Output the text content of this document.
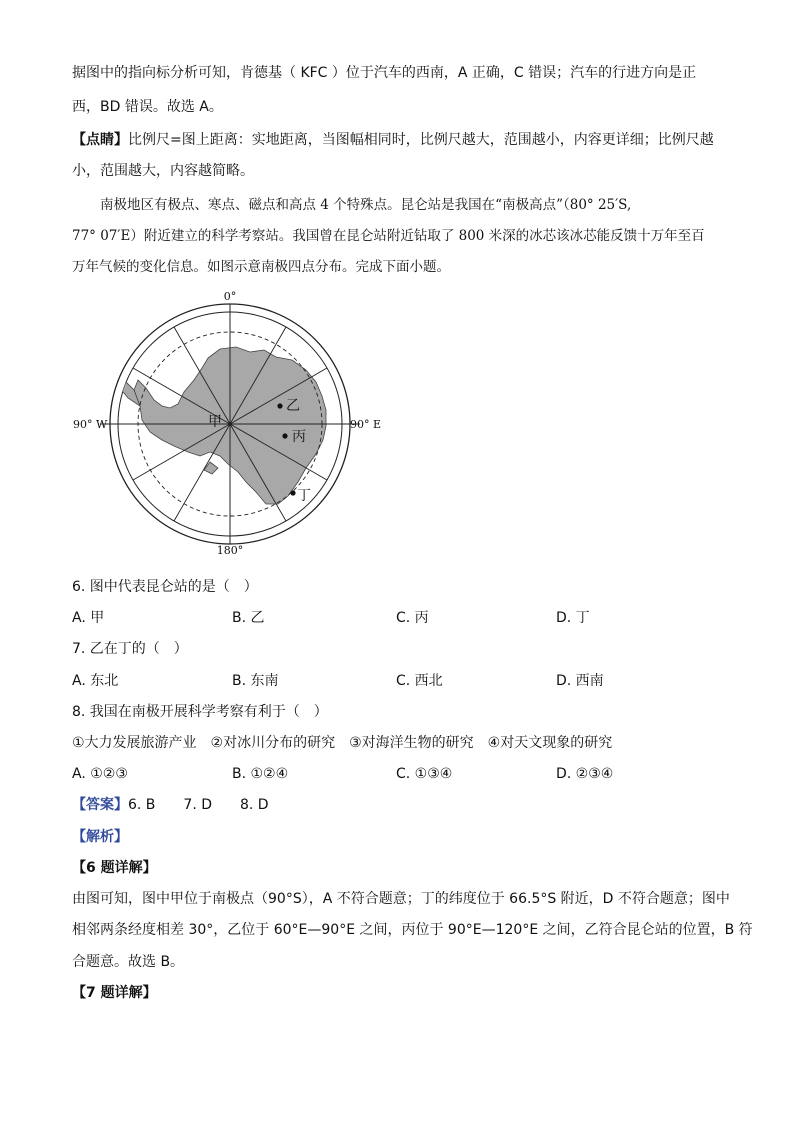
据图中的指向标分析可知，肯德基（ KFC ）位于汽车的西南，A 正确，C 错误；汽车的行进方向是正
西，BD 错误。故选 A。
【点睛】比例尺=图上距离：实地距离，当图幅相同时，比例尺越大，范围越小，内容更详细；比例尺越
小，范围越大，内容越简略。
南极地区有极点、寒点、磁点和高点 4 个特殊点。昆仑站是我国在“南极高点”（80° 25′S,
77° 07′E）附近建立的科学考察站。我国曾在昆仑站附近钻取了 800 米深的冰芯该冰芯能反馈十万年至百
万年气候的变化信息。如图示意南极四点分布。完成下面小题。
0°
180°
90° W	90° E
甲
乙
丙
丁
6. 图中代表昆仑站的是（　）
A. 甲	B. 乙	C. 丙	D. 丁
7. 乙在丁的（　）
A. 东北	B. 东南	C. 西北	D. 西南
8. 我国在南极开展科学考察有利于（　）
①大力发展旅游产业　②对冰川分布的研究　③对海洋生物的研究　④对天文现象的研究
A. ①②③	B. ①②④	C. ①③④	D. ②③④
【答案】6. B　　7. D　　8. D
【解析】
【6 题详解】
由图可知，图中甲位于南极点（90°S），A 不符合题意；丁的纬度位于 66.5°S 附近，D 不符合题意；图中
相邻两条经度相差 30°，乙位于 60°E—90°E 之间，丙位于 90°E—120°E 之间，乙符合昆仑站的位置，B 符
合题意。故选 B。
【7 题详解】
